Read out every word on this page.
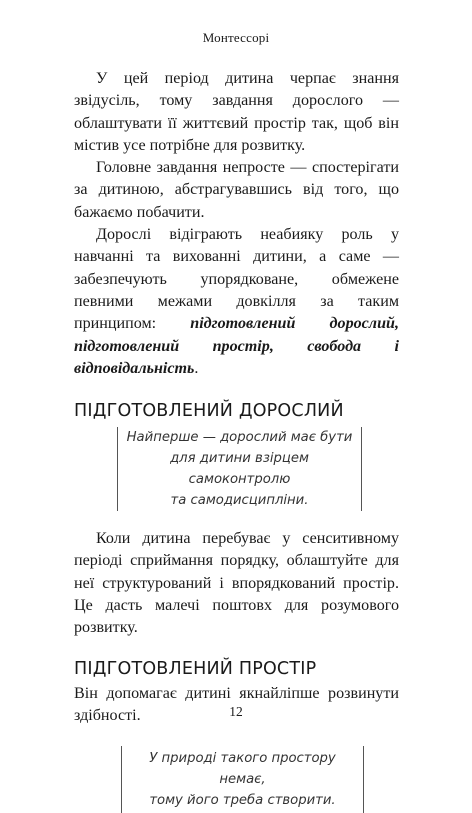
Монтессорі

У цей період дитина черпає знання звідусіль, тому завдання дорослого — облаштувати її життєвий простір так, щоб він містив усе потрібне для розвитку.

Головне завдання непросте — спостерігати за дитиною, абстрагувавшись від того, що бажаємо побачити.

Дорослі відіграють неабияку роль у навчанні та вихованні дитини, а саме — забезпечують упорядковане, обмежене певними межами довкілля за таким принципом: підготовлений дорослий, підготовлений простір, свобода і відповідальність.

ПІДГОТОВЛЕНИЙ ДОРОСЛИЙ
Найперше — дорослий має бути
для дитини взірцем самоконтролю
та самодисципліни.

Коли дитина перебуває у сенситивному періоді сприймання порядку, облаштуйте для неї структурований і впорядкований простір. Це дасть малечі поштовх для розумового розвитку.

ПІДГОТОВЛЕНИЙ ПРОСТІР

Він допомагає дитині якнайліпше розвинути здібності.

У природі такого простору немає,
тому його треба створити.
12
